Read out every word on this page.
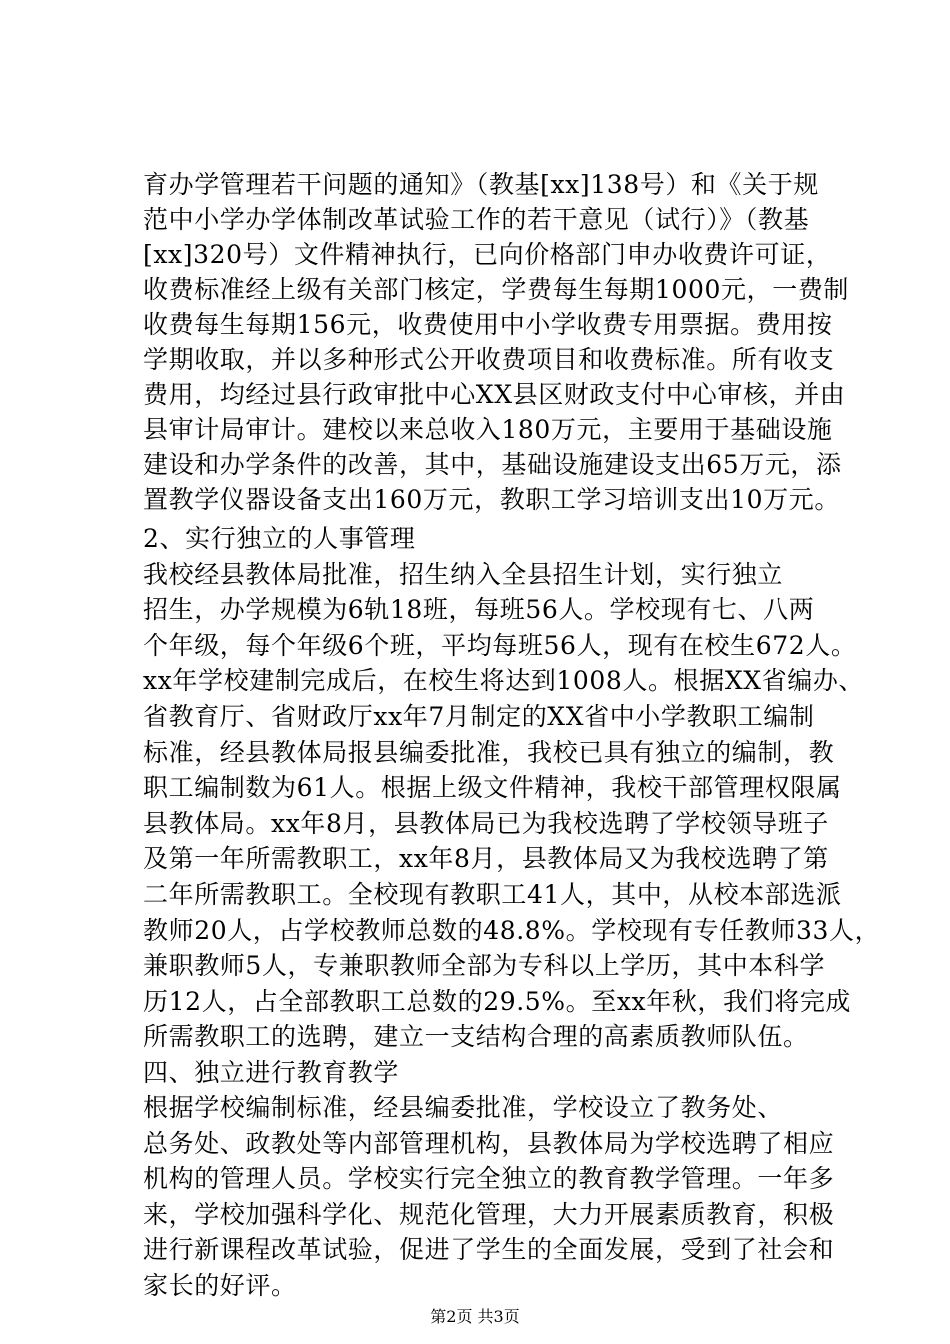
育办学管理若干问题的通知》（教基[xx]138号）和《关于规
范中小学办学体制改革试验工作的若干意见（试行）》（教基
[xx]320号）文件精神执行，已向价格部门申办收费许可证，
收费标准经上级有关部门核定，学费每生每期1000元，一费制
收费每生每期156元，收费使用中小学收费专用票据。费用按
学期收取，并以多种形式公开收费项目和收费标准。所有收支
费用，均经过县行政审批中心XX县区财政支付中心审核，并由
县审计局审计。建校以来总收入180万元，主要用于基础设施
建设和办学条件的改善，其中，基础设施建设支出65万元，添
置教学仪器设备支出160万元，教职工学习培训支出10万元。
2、实行独立的人事管理
我校经县教体局批准，招生纳入全县招生计划，实行独立
招生，办学规模为6轨18班，每班56人。学校现有七、八两
个年级，每个年级6个班，平均每班56人，现有在校生672人。
xx年学校建制完成后，在校生将达到1008人。根据XX省编办、
省教育厅、省财政厅xx年7月制定的XX省中小学教职工编制
标准，经县教体局报县编委批准，我校已具有独立的编制，教
职工编制数为61人。根据上级文件精神，我校干部管理权限属
县教体局。xx年8月，县教体局已为我校选聘了学校领导班子
及第一年所需教职工，xx年8月，县教体局又为我校选聘了第
二年所需教职工。全校现有教职工41人，其中，从校本部选派
教师20人，占学校教师总数的48.8%。学校现有专任教师33人，
兼职教师5人，专兼职教师全部为专科以上学历，其中本科学
历12人，占全部教职工总数的29.5%。至xx年秋，我们将完成
所需教职工的选聘，建立一支结构合理的高素质教师队伍。
四、独立进行教育教学
根据学校编制标准，经县编委批准，学校设立了教务处、
总务处、政教处等内部管理机构，县教体局为学校选聘了相应
机构的管理人员。学校实行完全独立的教育教学管理。一年多
来，学校加强科学化、规范化管理，大力开展素质教育，积极
进行新课程改革试验，促进了学生的全面发展，受到了社会和
家长的好评。
第2页 共3页
